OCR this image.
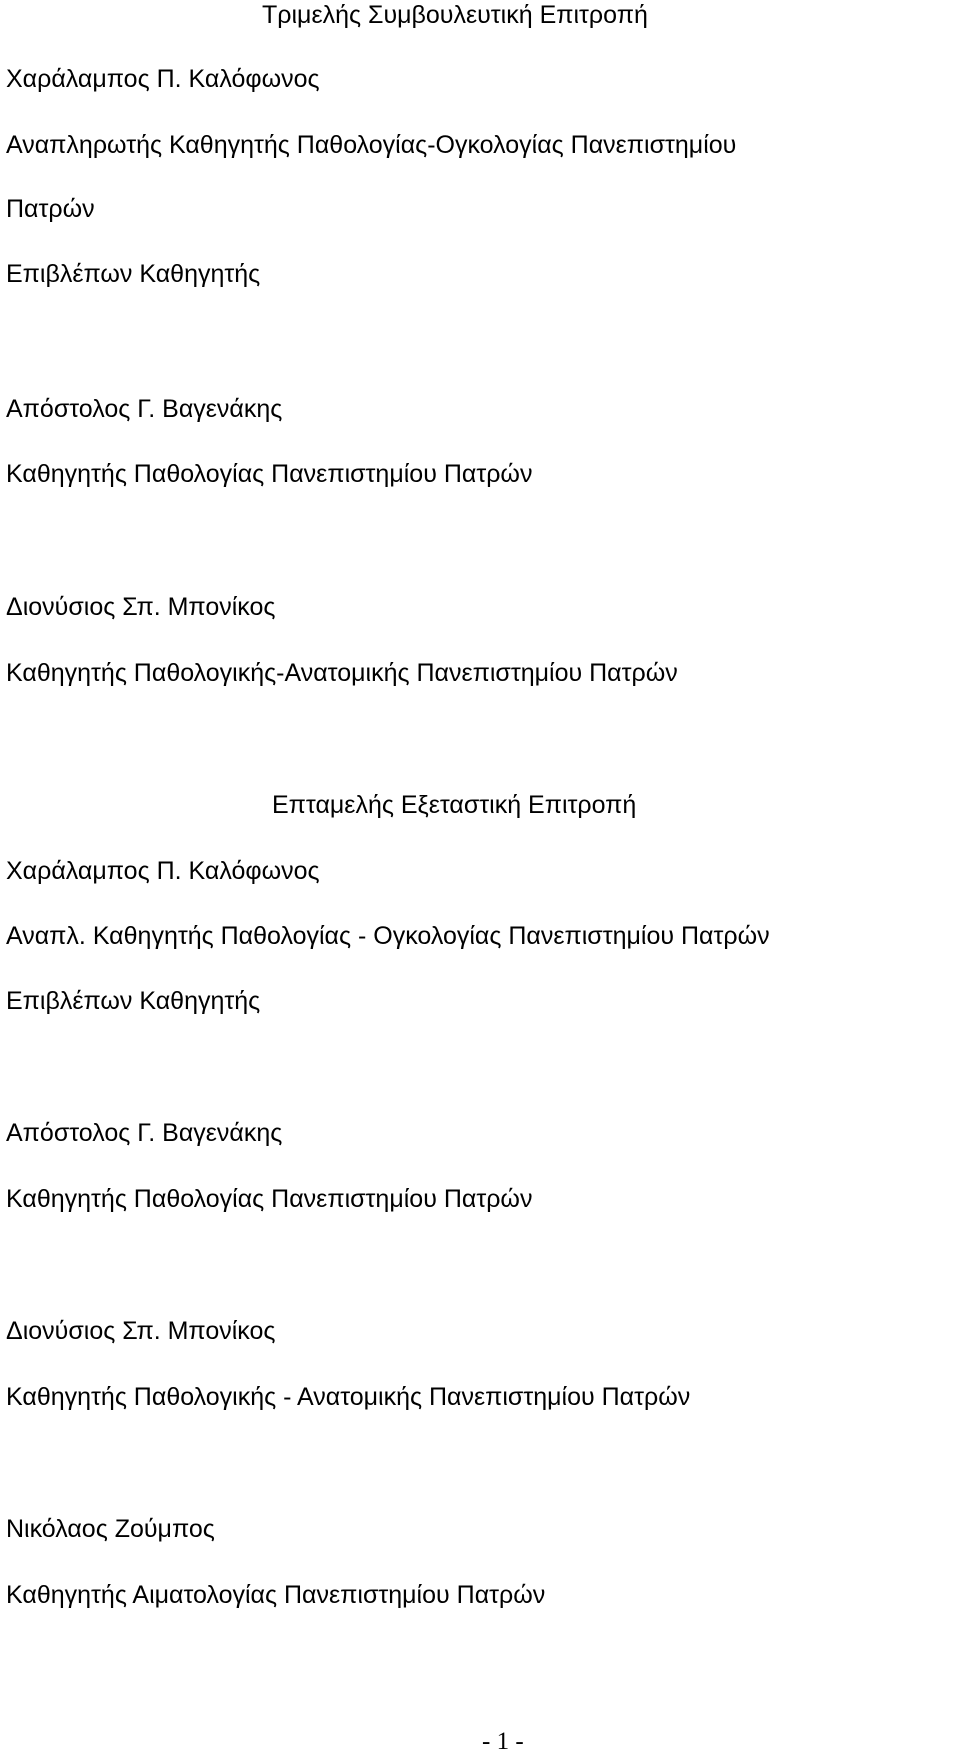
Τριμελής Συμβουλευτική Επιτροπή
Χαράλαμπος Π. Καλόφωνος
Αναπληρωτής Καθηγητής Παθολογίας-Ογκολογίας Πανεπιστημίου
Πατρών
Επιβλέπων Καθηγητής
Απόστολος Γ. Βαγενάκης
Καθηγητής Παθολογίας Πανεπιστημίου Πατρών
Διονύσιος Σπ. Μπονίκος
Καθηγητής Παθολογικής-Ανατομικής Πανεπιστημίου Πατρών
Επταμελής Εξεταστική Επιτροπή
Χαράλαμπος Π. Καλόφωνος
Αναπλ. Καθηγητής Παθολογίας - Ογκολογίας Πανεπιστημίου Πατρών
Επιβλέπων Καθηγητής
Απόστολος Γ. Βαγενάκης
Καθηγητής Παθολογίας Πανεπιστημίου Πατρών
Διονύσιος Σπ. Μπονίκος
Καθηγητής Παθολογικής - Ανατομικής Πανεπιστημίου Πατρών
Νικόλαος Ζούμπος
Καθηγητής Αιματολογίας Πανεπιστημίου Πατρών
- 1 -
